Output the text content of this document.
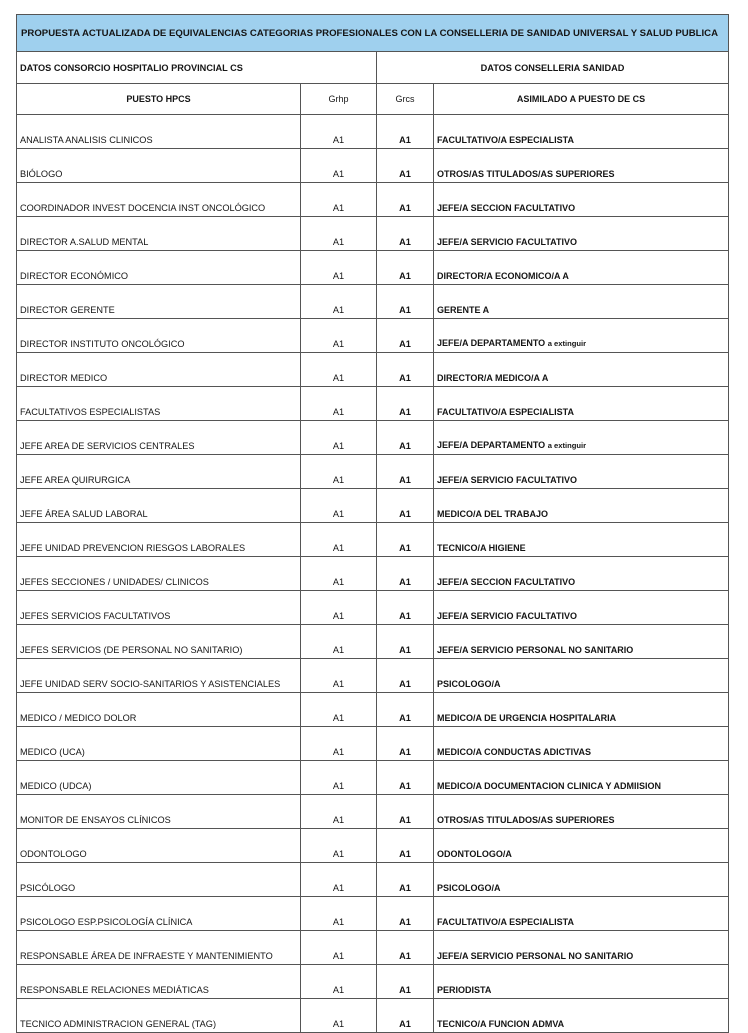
PROPUESTA ACTUALIZADA DE EQUIVALENCIAS CATEGORIAS PROFESIONALES CON LA CONSELLERIA DE SANIDAD UNIVERSAL Y SALUD PUBLICA			
DATOS CONSORCIO HOSPITALIO PROVINCIAL CS		DATOS CONSELLERIA SANIDAD	
PUESTO HPCS	Grhp	Grcs	ASIMILADO A PUESTO DE CS
ANALISTA ANALISIS CLINICOS	A1	A1	FACULTATIVO/A ESPECIALISTA
BIÓLOGO	A1	A1	OTROS/AS TITULADOS/AS SUPERIORES
COORDINADOR INVEST DOCENCIA INST ONCOLÓGICO	A1	A1	JEFE/A SECCION FACULTATIVO
DIRECTOR A.SALUD MENTAL	A1	A1	JEFE/A SERVICIO FACULTATIVO
DIRECTOR ECONÓMICO	A1	A1	DIRECTOR/A ECONOMICO/A A
DIRECTOR GERENTE	A1	A1	GERENTE A
DIRECTOR INSTITUTO ONCOLÓGICO	A1	A1	JEFE/A DEPARTAMENTO a extinguir
DIRECTOR MEDICO	A1	A1	DIRECTOR/A MEDICO/A A
FACULTATIVOS ESPECIALISTAS	A1	A1	FACULTATIVO/A ESPECIALISTA
JEFE AREA DE SERVICIOS CENTRALES	A1	A1	JEFE/A DEPARTAMENTO a extinguir
JEFE AREA QUIRURGICA	A1	A1	JEFE/A SERVICIO FACULTATIVO
JEFE ÁREA SALUD LABORAL	A1	A1	MEDICO/A DEL TRABAJO
JEFE UNIDAD PREVENCION RIESGOS LABORALES	A1	A1	TECNICO/A HIGIENE
JEFES SECCIONES / UNIDADES/ CLINICOS	A1	A1	JEFE/A SECCION FACULTATIVO
JEFES SERVICIOS FACULTATIVOS	A1	A1	JEFE/A SERVICIO FACULTATIVO
JEFES SERVICIOS (DE PERSONAL NO SANITARIO)	A1	A1	JEFE/A SERVICIO PERSONAL NO SANITARIO
JEFE UNIDAD SERV SOCIO-SANITARIOS Y ASISTENCIALES	A1	A1	PSICOLOGO/A
MEDICO / MEDICO DOLOR	A1	A1	MEDICO/A DE URGENCIA HOSPITALARIA
MEDICO (UCA)	A1	A1	MEDICO/A CONDUCTAS ADICTIVAS
MEDICO (UDCA)	A1	A1	MEDICO/A DOCUMENTACION CLINICA Y ADMIISION
MONITOR DE ENSAYOS CLÍNICOS	A1	A1	OTROS/AS TITULADOS/AS SUPERIORES
ODONTOLOGO	A1	A1	ODONTOLOGO/A
PSICÓLOGO	A1	A1	PSICOLOGO/A
PSICOLOGO ESP.PSICOLOGÍA CLÍNICA	A1	A1	FACULTATIVO/A ESPECIALISTA
RESPONSABLE ÁREA DE INFRAESTE Y MANTENIMIENTO	A1	A1	JEFE/A SERVICIO PERSONAL NO SANITARIO
RESPONSABLE RELACIONES MEDIÁTICAS	A1	A1	PERIODISTA
TECNICO ADMINISTRACION GENERAL (TAG)	A1	A1	TECNICO/A FUNCION ADMVA
